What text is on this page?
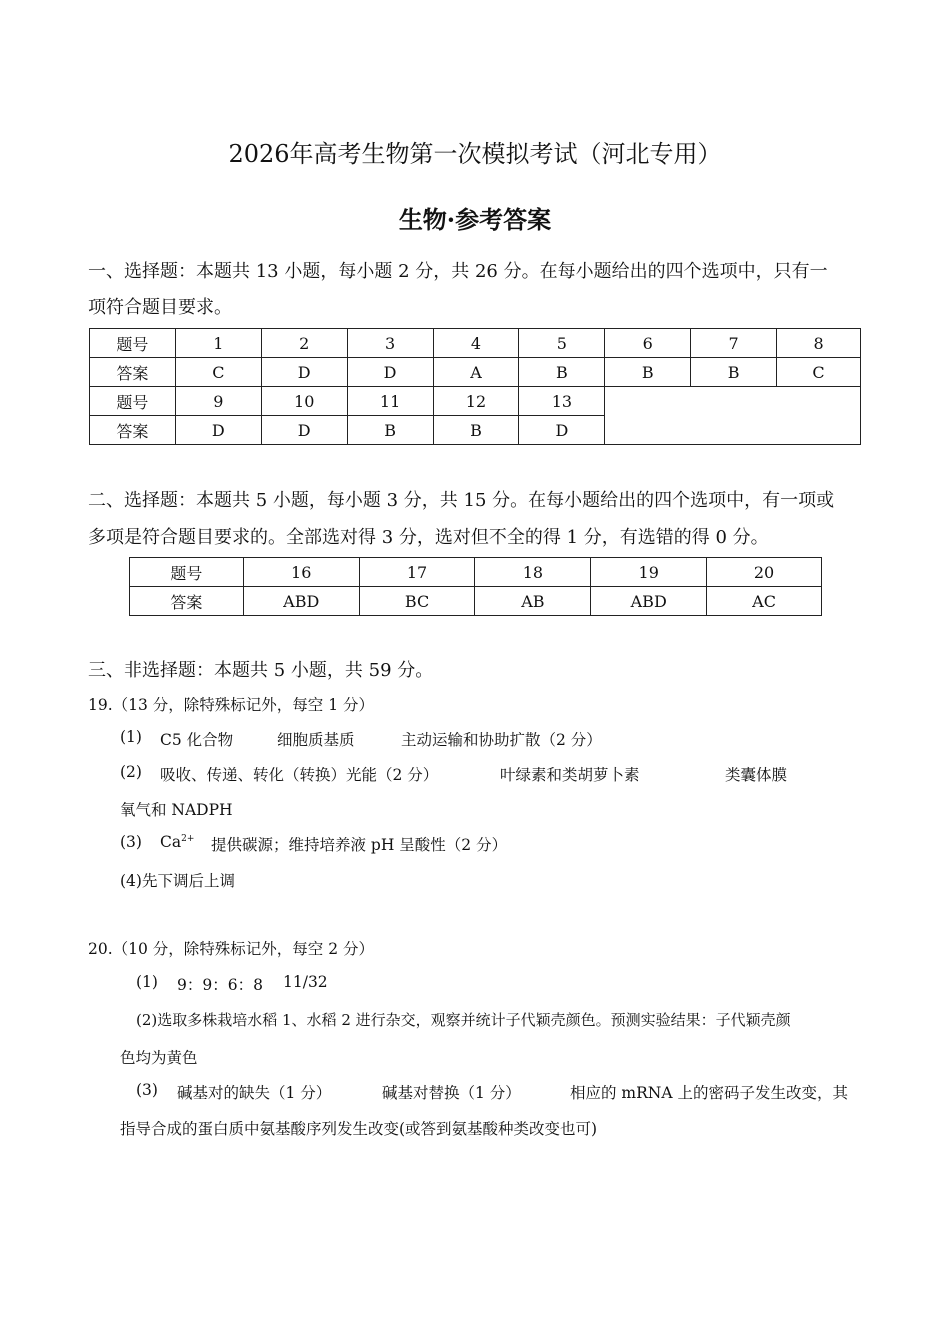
2026年高考生物第一次模拟考试（河北专用）
生物·参考答案
一、选择题：本题共 13 小题，每小题 2 分，共 26 分。在每小题给出的四个选项中，只有一
项符合题目要求。
题号	1	2	3	4	5	6	7	8
答案	C	D	D	A	B	B	B	C
题号	9	10	11	12	13			
答案	D	D	B	B	D			
二、选择题：本题共 5 小题，每小题 3 分，共 15 分。在每小题给出的四个选项中，有一项或
多项是符合题目要求的。全部选对得 3 分，选对但不全的得 1 分，有选错的得 0 分。
题号	16	17	18	19	20
答案	ABD	BC	AB	ABD	AC
三、非选择题：本题共 5 小题，共 59 分。
19.（13 分，除特殊标记外，每空 1 分）
(1) C5 化合物	细胞质基质	主动运输和协助扩散（2 分）
(2) 吸收、传递、转化（转换）光能（2 分）	叶绿素和类胡萝卜素	类囊体膜
氧气和 NADPH
(3) $Ca^{2+}$ 提供碳源；维持培养液 pH 呈酸性（2 分）
(4)先下调后上调
20.（10 分，除特殊标记外，每空 2 分）
(1) 9：9：6：8 11/32
(2)选取多株栽培水稻 1、水稻 2 进行杂交，观察并统计子代颖壳颜色。预测实验结果：子代颖壳颜
色均为黄色
(3) 碱基对的缺失（1 分）	碱基对替换（1 分）	相应的 mRNA 上的密码子发生改变，其
指导合成的蛋白质中氨基酸序列发生改变(或答到氨基酸种类改变也可)
